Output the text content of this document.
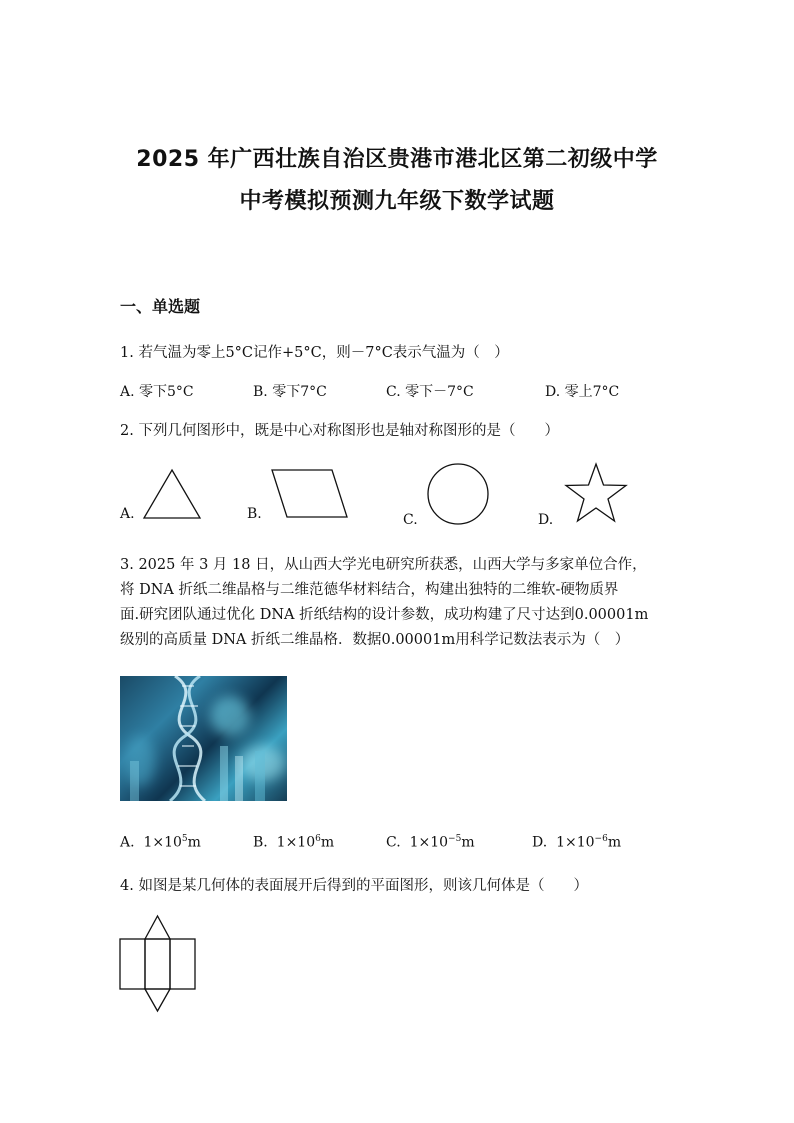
2025 年广西壮族自治区贵港市港北区第二初级中学
中考模拟预测九年级下数学试题
一、单选题
1. 若气温为零上5°C记作+5°C，则－7°C表示气温为（　）
A. 零下5°C	B. 零下7°C	C. 零下－7°C	D. 零上7°C
2. 下列几何图形中，既是中心对称图形也是轴对称图形的是（　　）
A.	B.	C.	D.
3. 2025 年 3 月 18 日，从山西大学光电研究所获悉，山西大学与多家单位合作，
将 DNA 折纸二维晶格与二维范德华材料结合，构建出独特的二维软-硬物质界
面.研究团队通过优化 DNA 折纸结构的设计参数，成功构建了尺寸达到0.00001m
级别的高质量 DNA 折纸二维晶格．数据0.00001m用科学记数法表示为（　）
A. $1\times 10^5m$	B. $1\times 10^6m$	C. $1\times 10^{-5}m$	D. $1\times 10^{-6}m$
4. 如图是某几何体的表面展开后得到的平面图形，则该几何体是（　　）
